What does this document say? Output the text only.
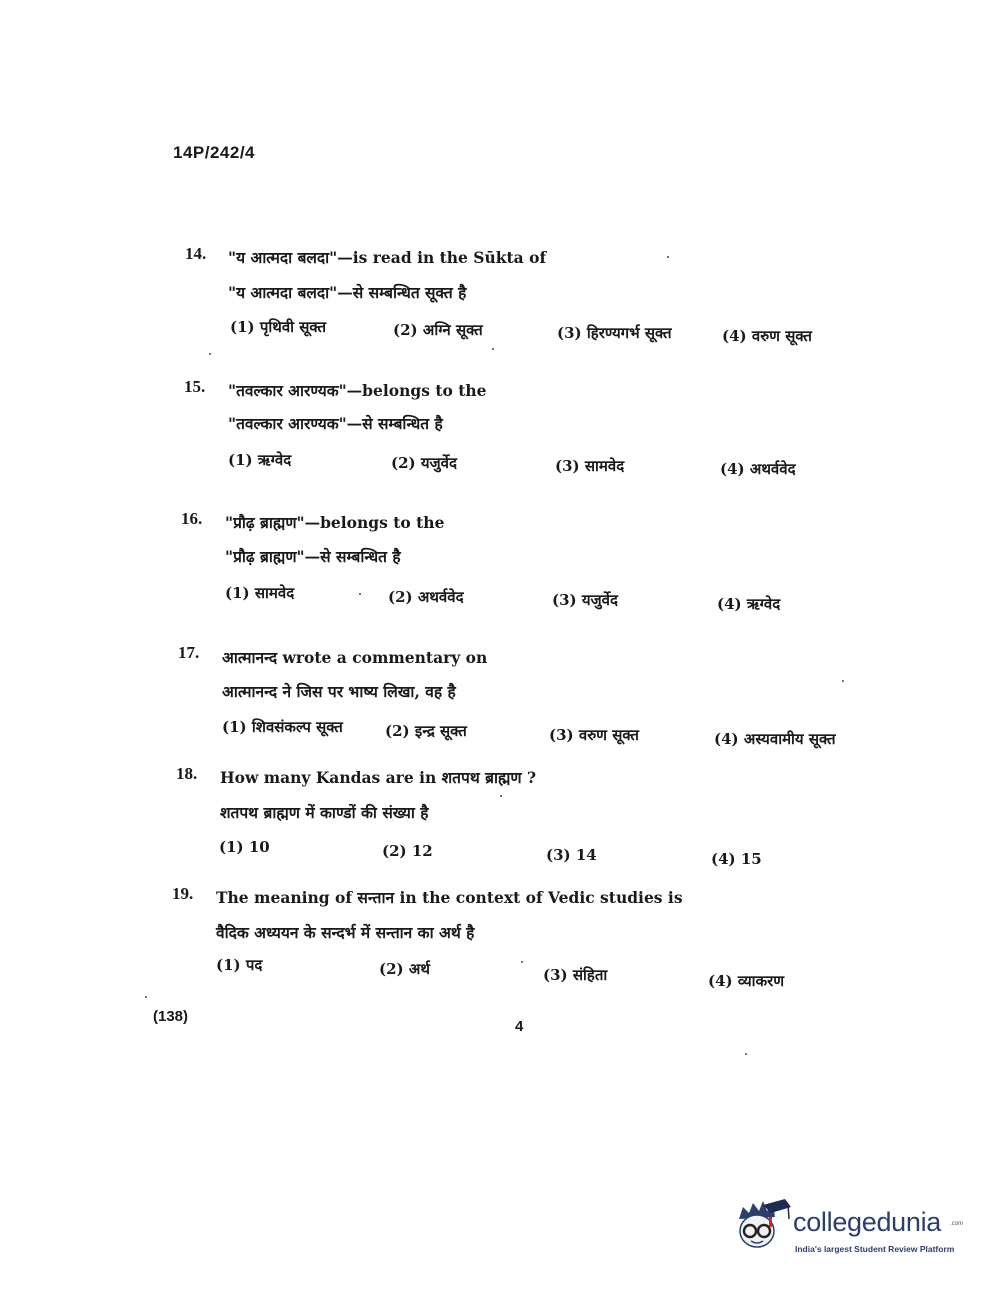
14P/242/4
14. "य आत्मदा बलदा"—is read in the Sūkta of
"य आत्मदा बलदा"—से सम्बन्धित सूक्त है
(1) पृथिवी सूक्त	(2) अग्नि सूक्त	(3) हिरण्यगर्भ सूक्त	(4) वरुण सूक्त
15. "तवल्कार आरण्यक"—belongs to the
"तवल्कार आरण्यक"—से सम्बन्धित है
(1) ऋग्वेद	(2) यजुर्वेद	(3) सामवेद	(4) अथर्ववेद
16. "प्रौढ़ ब्राह्मण"—belongs to the
"प्रौढ़ ब्राह्मण"—से सम्बन्धित है
(1) सामवेद	(2) अथर्ववेद	(3) यजुर्वेद	(4) ऋग्वेद
17. आत्मानन्द wrote a commentary on
आत्मानन्द ने जिस पर भाष्य लिखा, वह है
(1) शिवसंकल्प सूक्त	(2) इन्द्र सूक्त	(3) वरुण सूक्त	(4) अस्यवामीय सूक्त
18. How many Kandas are in शतपथ ब्राह्मण ?
शतपथ ब्राह्मण में काण्डों की संख्या है
(1) 10	(2) 12	(3) 14	(4) 15
19. The meaning of सन्तान in the context of Vedic studies is
वैदिक अध्ययन के सन्दर्भ में सन्तान का अर्थ है
(1) पद	(2) अर्थ	(3) संहिता	(4) व्याकरण
(138)
4
collegedunia .com
India's largest Student Review Platform
